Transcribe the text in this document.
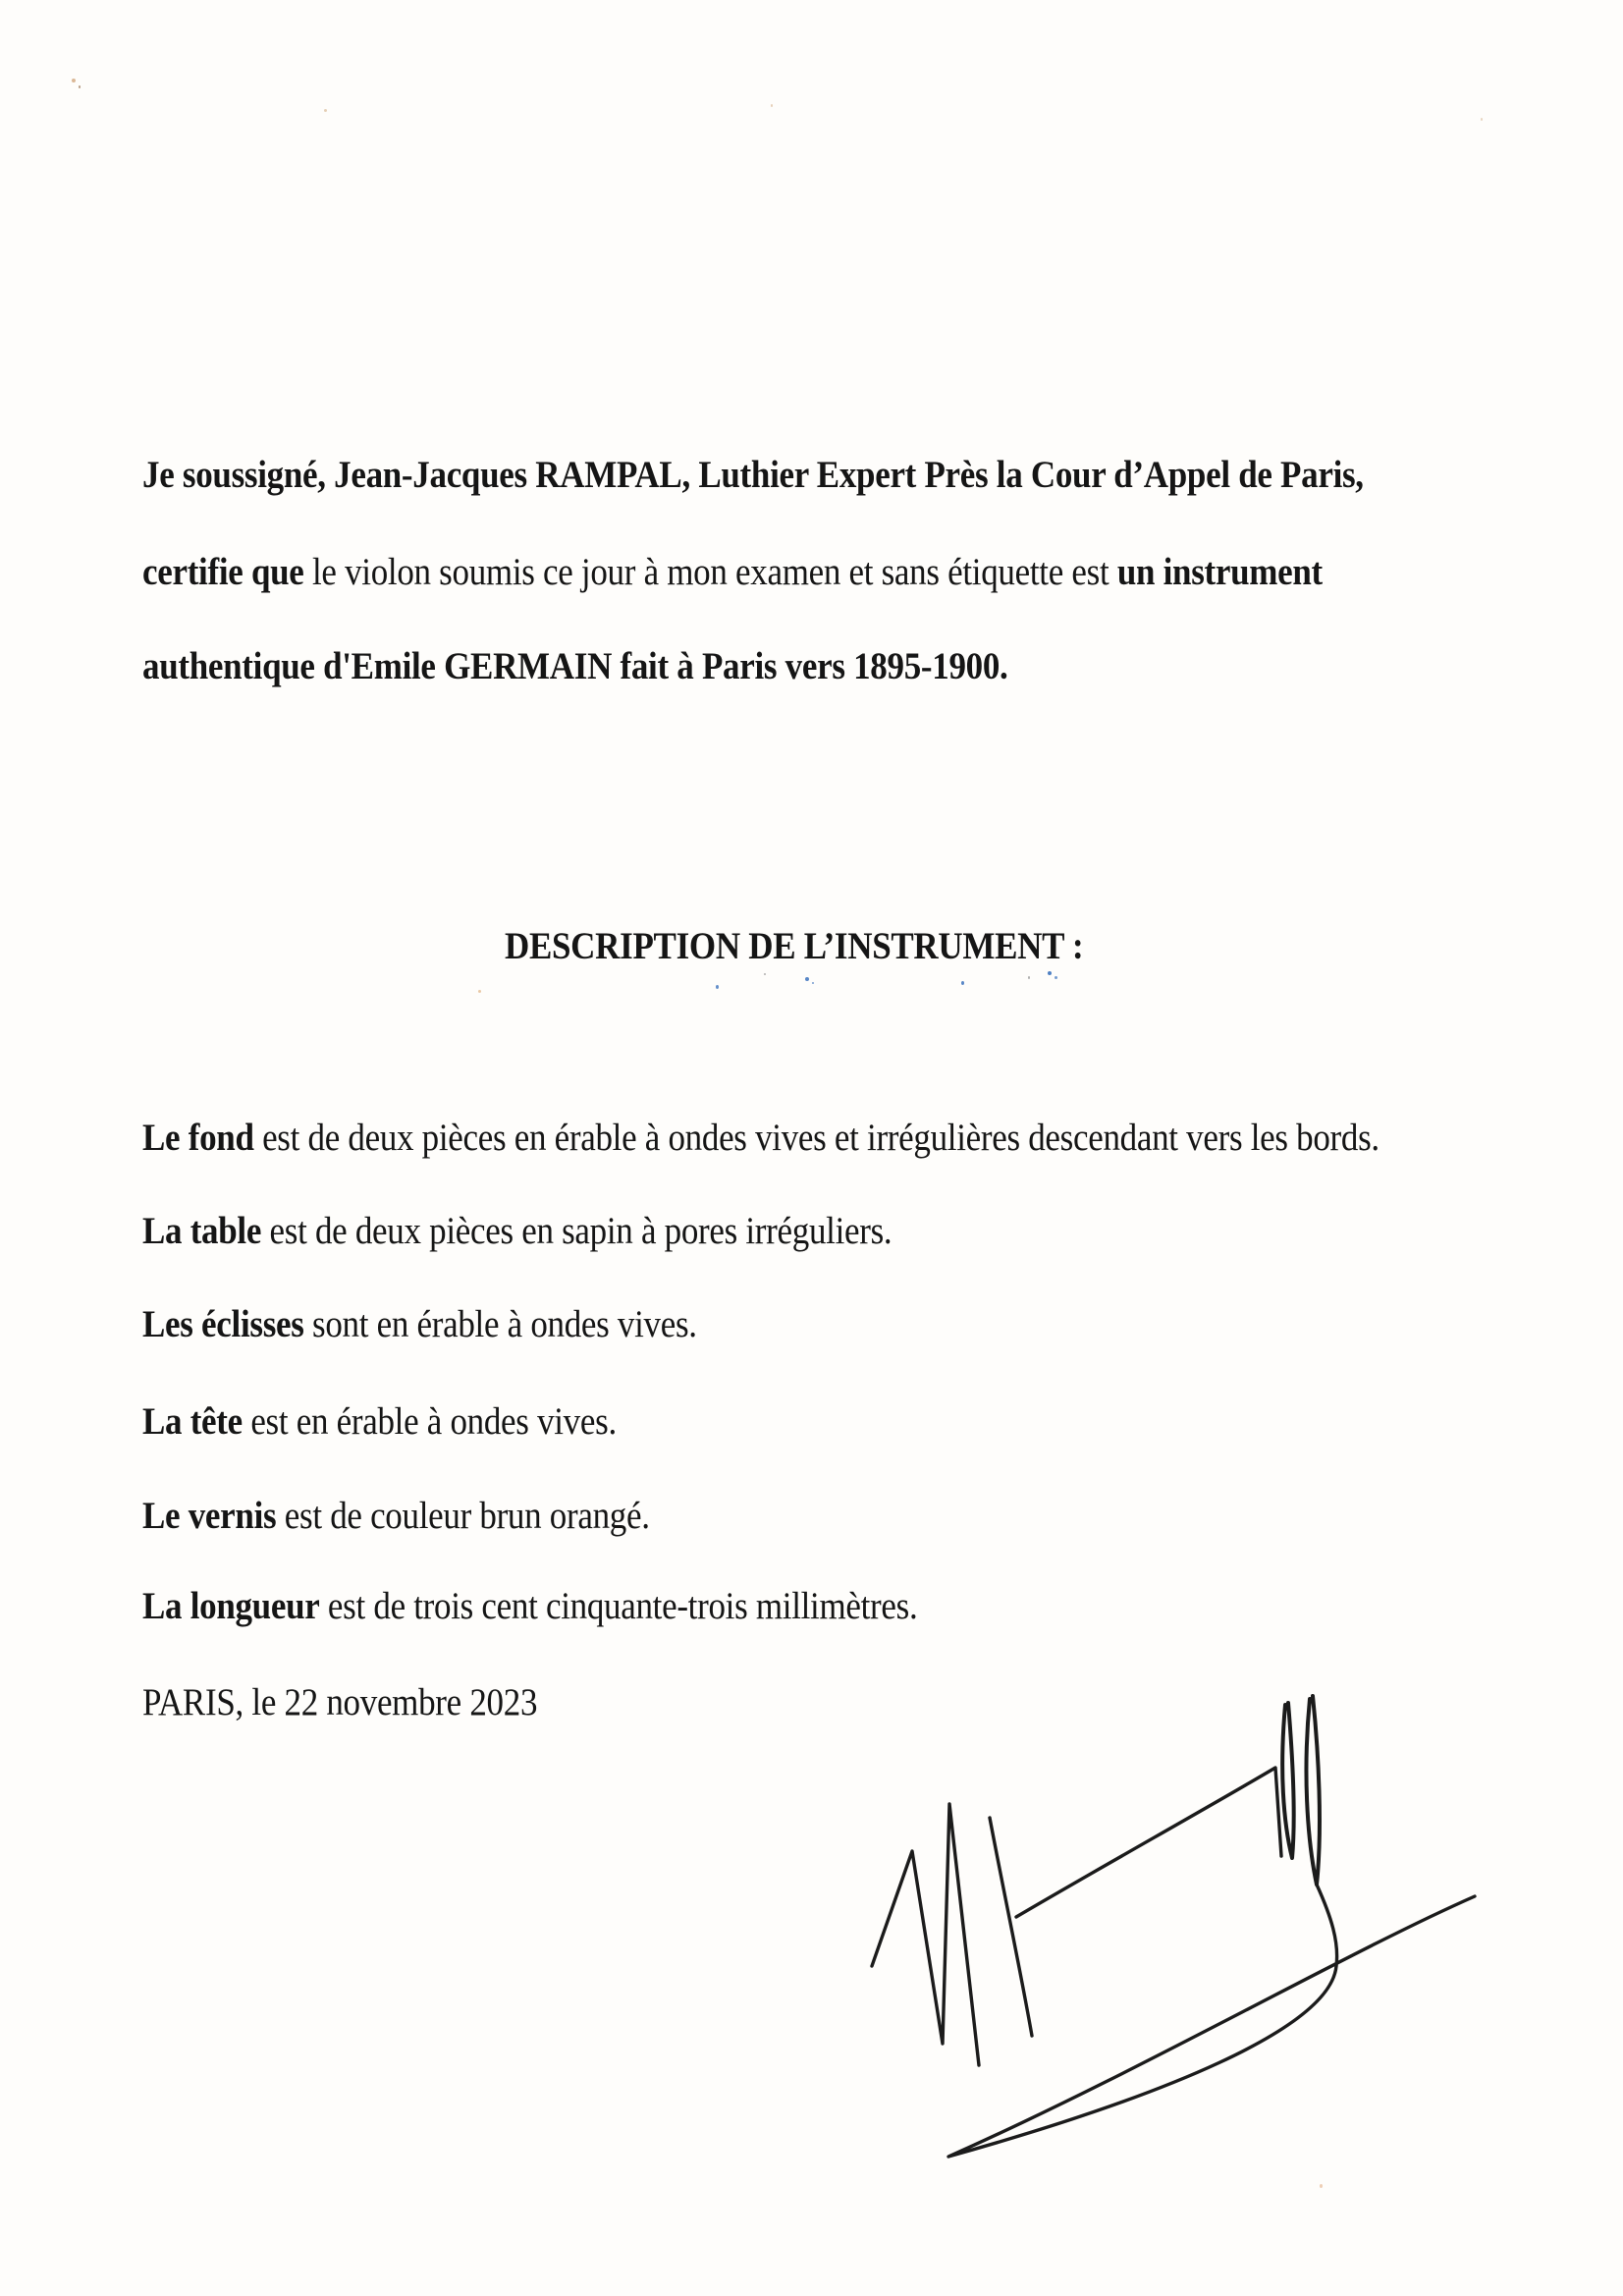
Je soussigné, Jean-Jacques RAMPAL, Luthier Expert Près la Cour d’Appel de Paris,
certifie que le violon soumis ce jour à mon examen et sans étiquette est un instrument
authentique d'Emile GERMAIN fait à Paris vers 1895-1900.
DESCRIPTION DE L’INSTRUMENT :
Le fond est de deux pièces en érable à ondes vives et irrégulières descendant vers les bords.
La table est de deux pièces en sapin à pores irréguliers.
Les éclisses sont en érable à ondes vives.
La tête est en érable à ondes vives.
Le vernis est de couleur brun orangé.
La longueur est de trois cent cinquante-trois millimètres.
PARIS, le 22 novembre 2023
